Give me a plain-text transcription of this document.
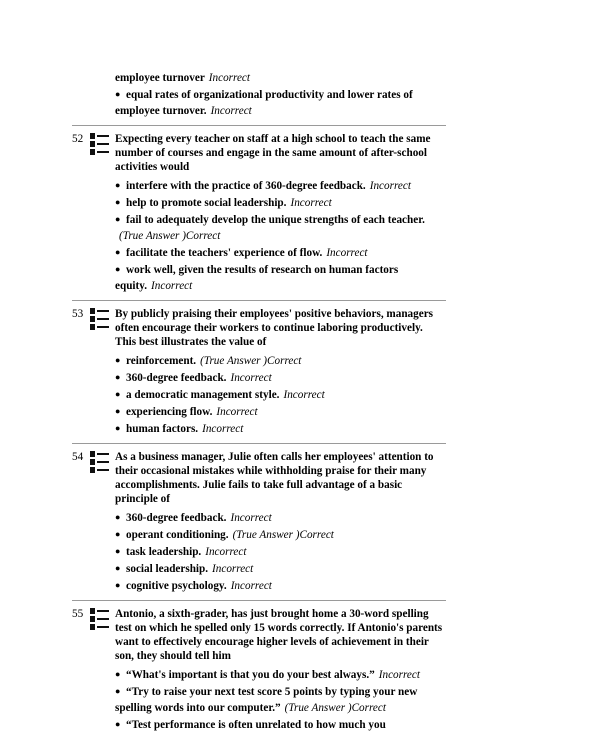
employee turnover Incorrect
● equal rates of organizational productivity and lower rates of employee turnover. Incorrect
52	Expecting every teacher on staff at a high school to teach the same number of courses and engage in the same amount of after-school activities would
● interfere with the practice of 360-degree feedback. Incorrect
● help to promote social leadership. Incorrect
● fail to adequately develop the unique strengths of each teacher.(True Answer )Correct
● facilitate the teachers' experience of flow. Incorrect
● work well, given the results of research on human factors equity. Incorrect
53	By publicly praising their employees' positive behaviors, managers often encourage their workers to continue laboring productively. This best illustrates the value of
● reinforcement. (True Answer )Correct
● 360-degree feedback. Incorrect
● a democratic management style. Incorrect
● experiencing flow. Incorrect
● human factors. Incorrect
54	As a business manager, Julie often calls her employees' attention to their occasional mistakes while withholding praise for their many accomplishments. Julie fails to take full advantage of a basic principle of
● 360-degree feedback. Incorrect
● operant conditioning. (True Answer )Correct
● task leadership. Incorrect
● social leadership. Incorrect
● cognitive psychology. Incorrect
55	Antonio, a sixth-grader, has just brought home a 30-word spelling test on which he spelled only 15 words correctly. If Antonio's parents want to effectively encourage higher levels of achievement in their son, they should tell him
● “What's important is that you do your best always.” Incorrect
● “Try to raise your next test score 5 points by typing your new spelling words into our computer.” (True Answer )Correct
● “Test performance is often unrelated to how much you
